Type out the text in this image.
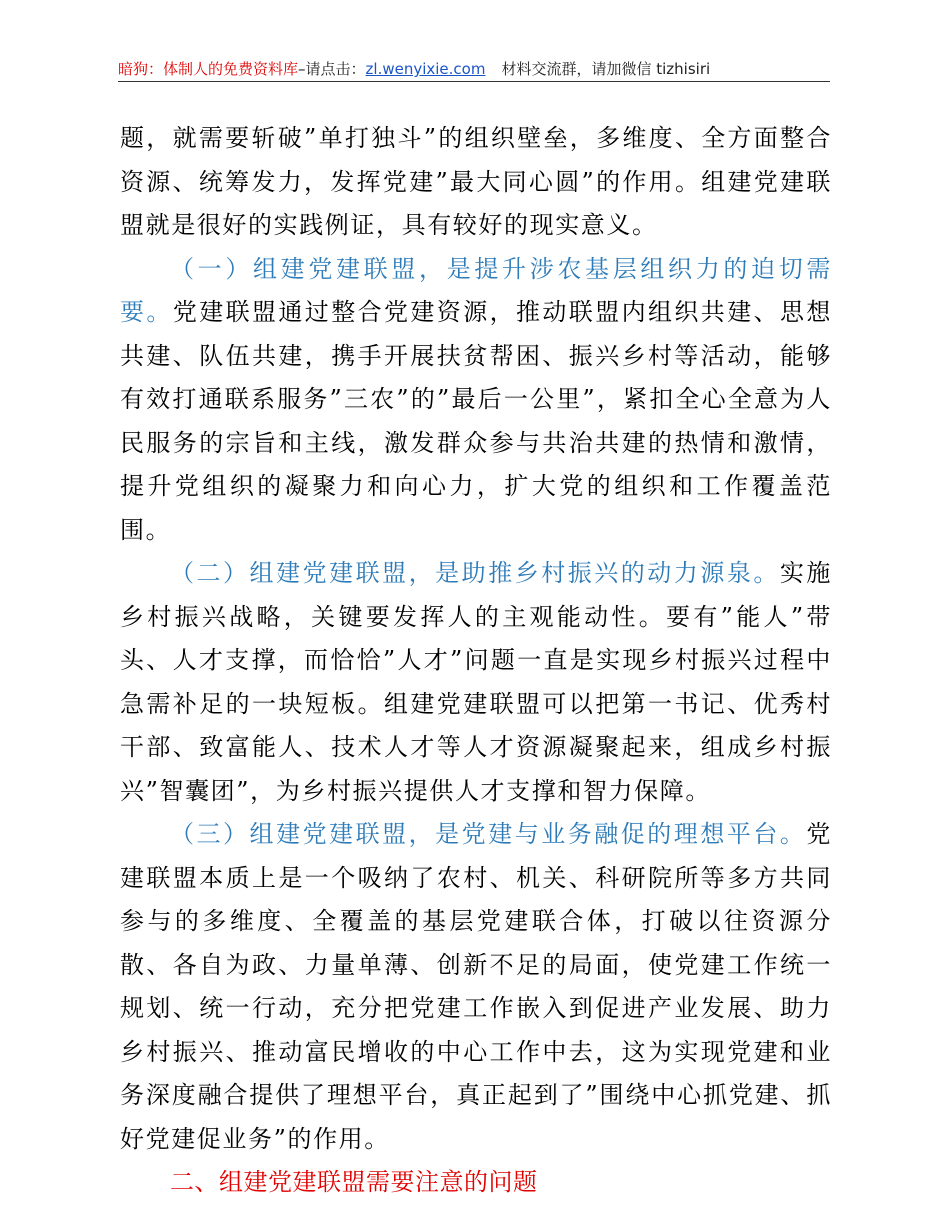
暗狗：体制人的免费资料库–请点击：zl.wenyixie.com 材料交流群，请加微信 tizhisiri

题，就需要斩破”单打独斗”的组织壁垒，多维度、全方面整合资源、统筹发力，发挥党建”最大同心圆”的作用。组建党建联盟就是很好的实践例证，具有较好的现实意义。

（一）组建党建联盟，是提升涉农基层组织力的迫切需要。党建联盟通过整合党建资源，推动联盟内组织共建、思想共建、队伍共建，携手开展扶贫帮困、振兴乡村等活动，能够有效打通联系服务”三农”的”最后一公里”，紧扣全心全意为人民服务的宗旨和主线，激发群众参与共治共建的热情和激情，提升党组织的凝聚力和向心力，扩大党的组织和工作覆盖范围。

（二）组建党建联盟，是助推乡村振兴的动力源泉。实施乡村振兴战略，关键要发挥人的主观能动性。要有”能人”带头、人才支撑，而恰恰”人才”问题一直是实现乡村振兴过程中急需补足的一块短板。组建党建联盟可以把第一书记、优秀村干部、致富能人、技术人才等人才资源凝聚起来，组成乡村振兴”智囊团”，为乡村振兴提供人才支撑和智力保障。

（三）组建党建联盟，是党建与业务融促的理想平台。党建联盟本质上是一个吸纳了农村、机关、科研院所等多方共同参与的多维度、全覆盖的基层党建联合体，打破以往资源分散、各自为政、力量单薄、创新不足的局面，使党建工作统一规划、统一行动，充分把党建工作嵌入到促进产业发展、助力乡村振兴、推动富民增收的中心工作中去，这为实现党建和业务深度融合提供了理想平台，真正起到了”围绕中心抓党建、抓好党建促业务”的作用。

二、组建党建联盟需要注意的问题
